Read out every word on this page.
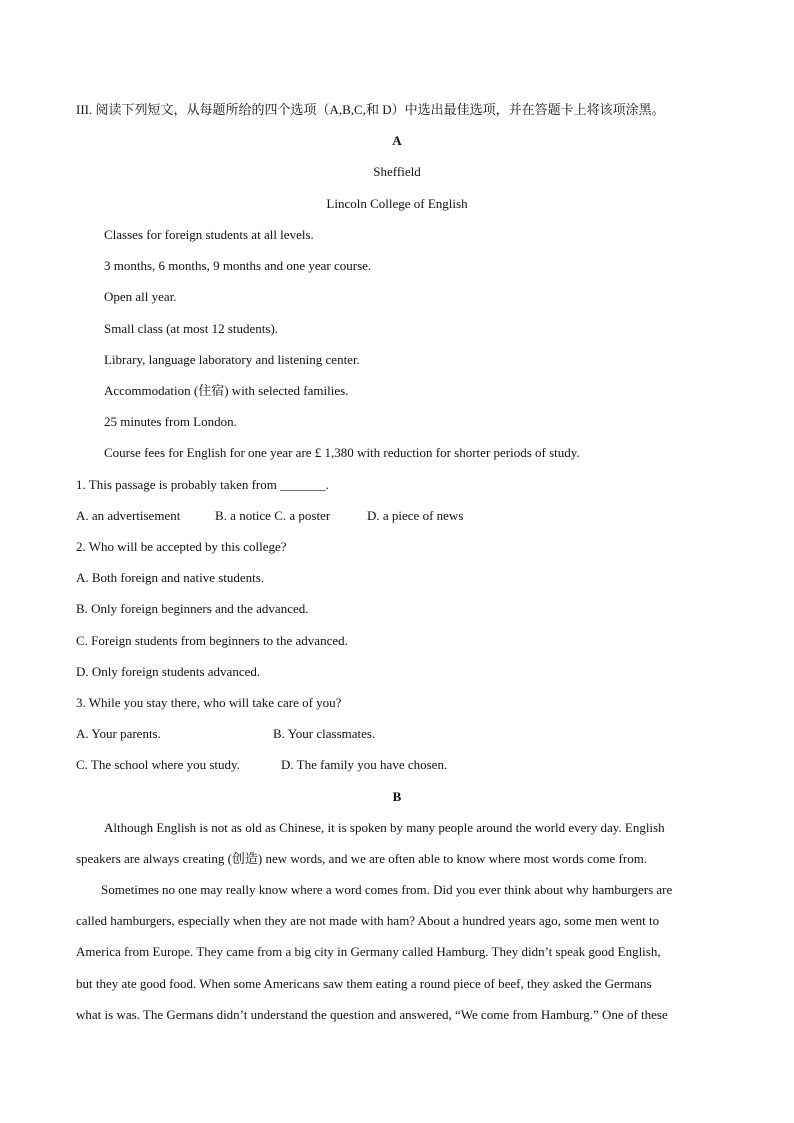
III. 阅读下列短文，从每题所给的四个选项（A,B,C,和 D）中选出最佳选项，并在答题卡上将该项涂黑。
A
Sheffield
Lincoln College of English
Classes for foreign students at all levels.
3 months, 6 months, 9 months and one year course.
Open all year.
Small class (at most 12 students).
Library, language laboratory and listening center.
Accommodation (住宿) with selected families.
25 minutes from London.
Course fees for English for one year are £ 1,380 with reduction for shorter periods of study.
1. This passage is probably taken from _______.
A. an advertisement	B. a notice C. a poster	D. a piece of news
2. Who will be accepted by this college?
A. Both foreign and native students.
B. Only foreign beginners and the advanced.
C. Foreign students from beginners to the advanced.
D. Only foreign students advanced.
3. While you stay there, who will take care of you?
A. Your parents.	B. Your classmates.
C. The school where you study.	D. The family you have chosen.
B
Although English is not as old as Chinese, it is spoken by many people around the world every day. English
speakers are always creating (创造) new words, and we are often able to know where most words come from.
Sometimes no one may really know where a word comes from. Did you ever think about why hamburgers are
called hamburgers, especially when they are not made with ham? About a hundred years ago, some men went to
America from Europe. They came from a big city in Germany called Hamburg. They didn’t speak good English,
but they ate good food. When some Americans saw them eating a round piece of beef, they asked the Germans
what is was. The Germans didn’t understand the question and answered, “We come from Hamburg.” One of these
